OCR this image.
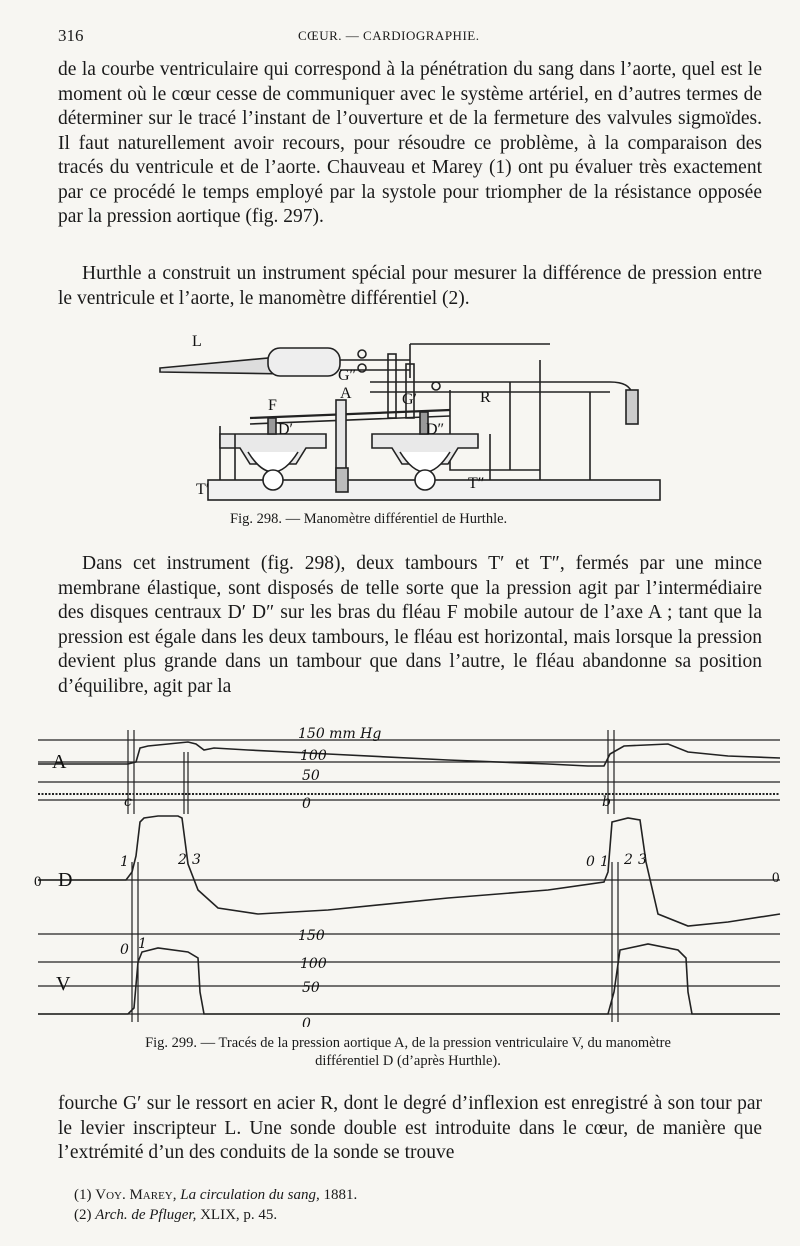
316	CŒUR. — CARDIOGRAPHIE.

de la courbe ventriculaire qui correspond à la pénétration du sang dans l’aorte, quel est le moment où le cœur cesse de communiquer avec le système artériel, en d’autres termes de déterminer sur le tracé l’instant de l’ouverture et de la fermeture des valvules sigmoïdes. Il faut naturellement avoir recours, pour résoudre ce problème, à la comparaison des tracés du ventricule et de l’aorte. Chauveau et Marey (1) ont pu évaluer très exactement par ce procédé le temps employé par la systole pour triompher de la résistance opposée par la pression aortique (fig. 297).

Hurthle a construit un instrument spécial pour mesurer la différence de pression entre le ventricule et l’aorte, le manomètre différentiel (2).

L
G″
G′
F
A	R
D′	D″
T′	T″

Fig. 298. — Manomètre différentiel de Hurthle.

Dans cet instrument (fig. 298), deux tambours T′ et T″, fermés par une mince membrane élastique, sont disposés de telle sorte que la pression agit par l’intermédiaire des disques centraux D′ D″ sur les bras du fléau F mobile autour de l’axe A ; tant que la pression est égale dans les deux tambours, le fléau est horizontal, mais lorsque la pression devient plus grande dans un tambour que dans l’autre, le fléau abandonne sa position d’équilibre, agit par la

150 mm Hg
100
50
0
150
100
50
0
c	b
1	2 3	0 1 2 3
0 1
A
D
V
0	0

Fig. 299. — Tracés de la pression aortique A, de la pression ventriculaire V, du manomètre
différentiel D (d’après Hurthle).

fourche G′ sur le ressort en acier R, dont le degré d’inflexion est enregistré à son tour par le levier inscripteur L. Une sonde double est introduite dans le cœur, de manière que l’extrémité d’un des conduits de la sonde se trouve

(1) Voy. Marey, La circulation du sang, 1881.

(2) Arch. de Pfluger, XLIX, p. 45.
